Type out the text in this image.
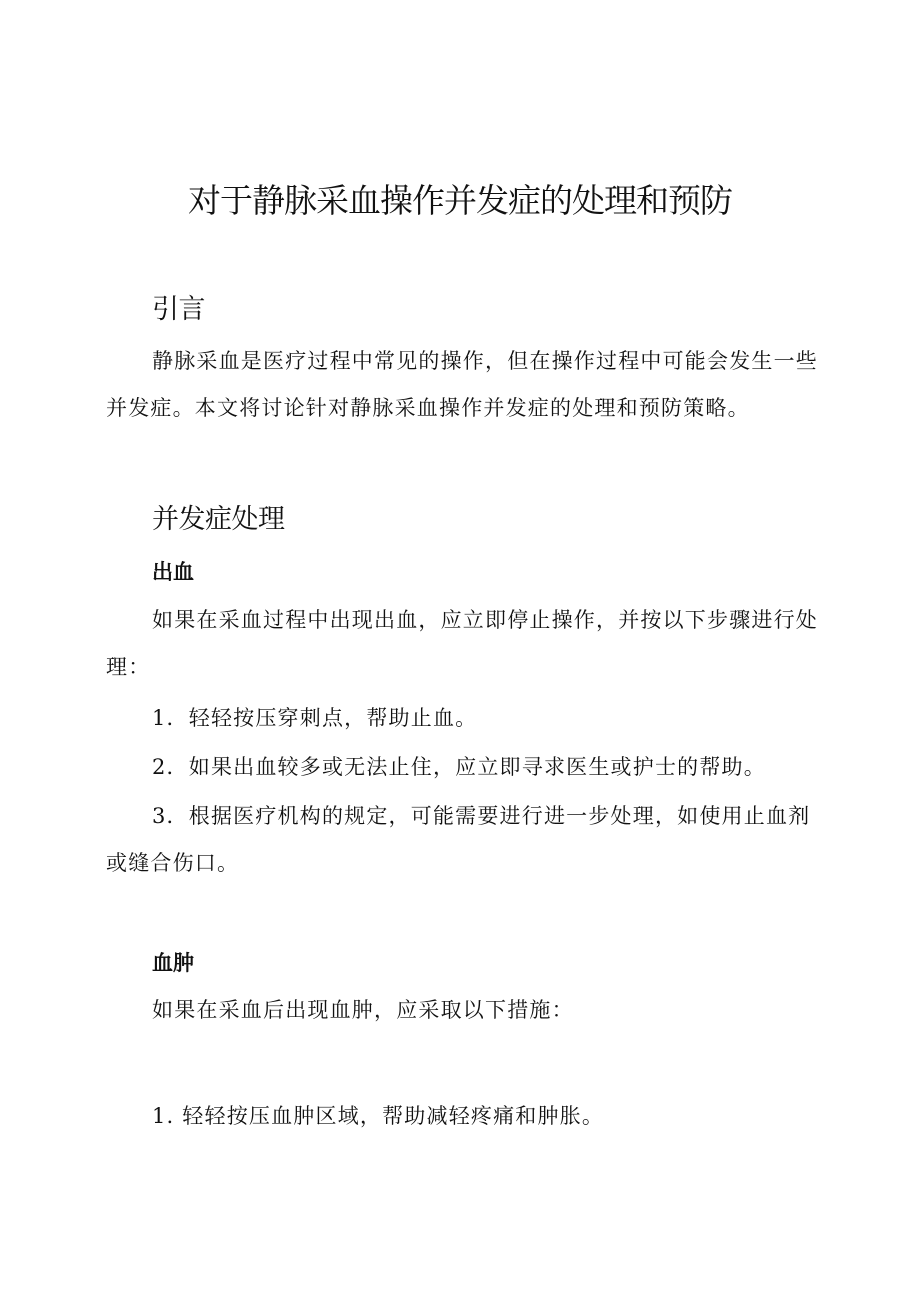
对于静脉采血操作并发症的处理和预防
引言

静脉采血是医疗过程中常见的操作，但在操作过程中可能会发生一些并发症。本文将讨论针对静脉采血操作并发症的处理和预防策略。

并发症处理
出血

如果在采血过程中出现出血，应立即停止操作，并按以下步骤进行处理：

1．轻轻按压穿刺点，帮助止血。

2．如果出血较多或无法止住，应立即寻求医生或护士的帮助。

3．根据医疗机构的规定，可能需要进行进一步处理，如使用止血剂或缝合伤口。

血肿

如果在采血后出现血肿，应采取以下措施：

1. 轻轻按压血肿区域，帮助减轻疼痛和肿胀。
